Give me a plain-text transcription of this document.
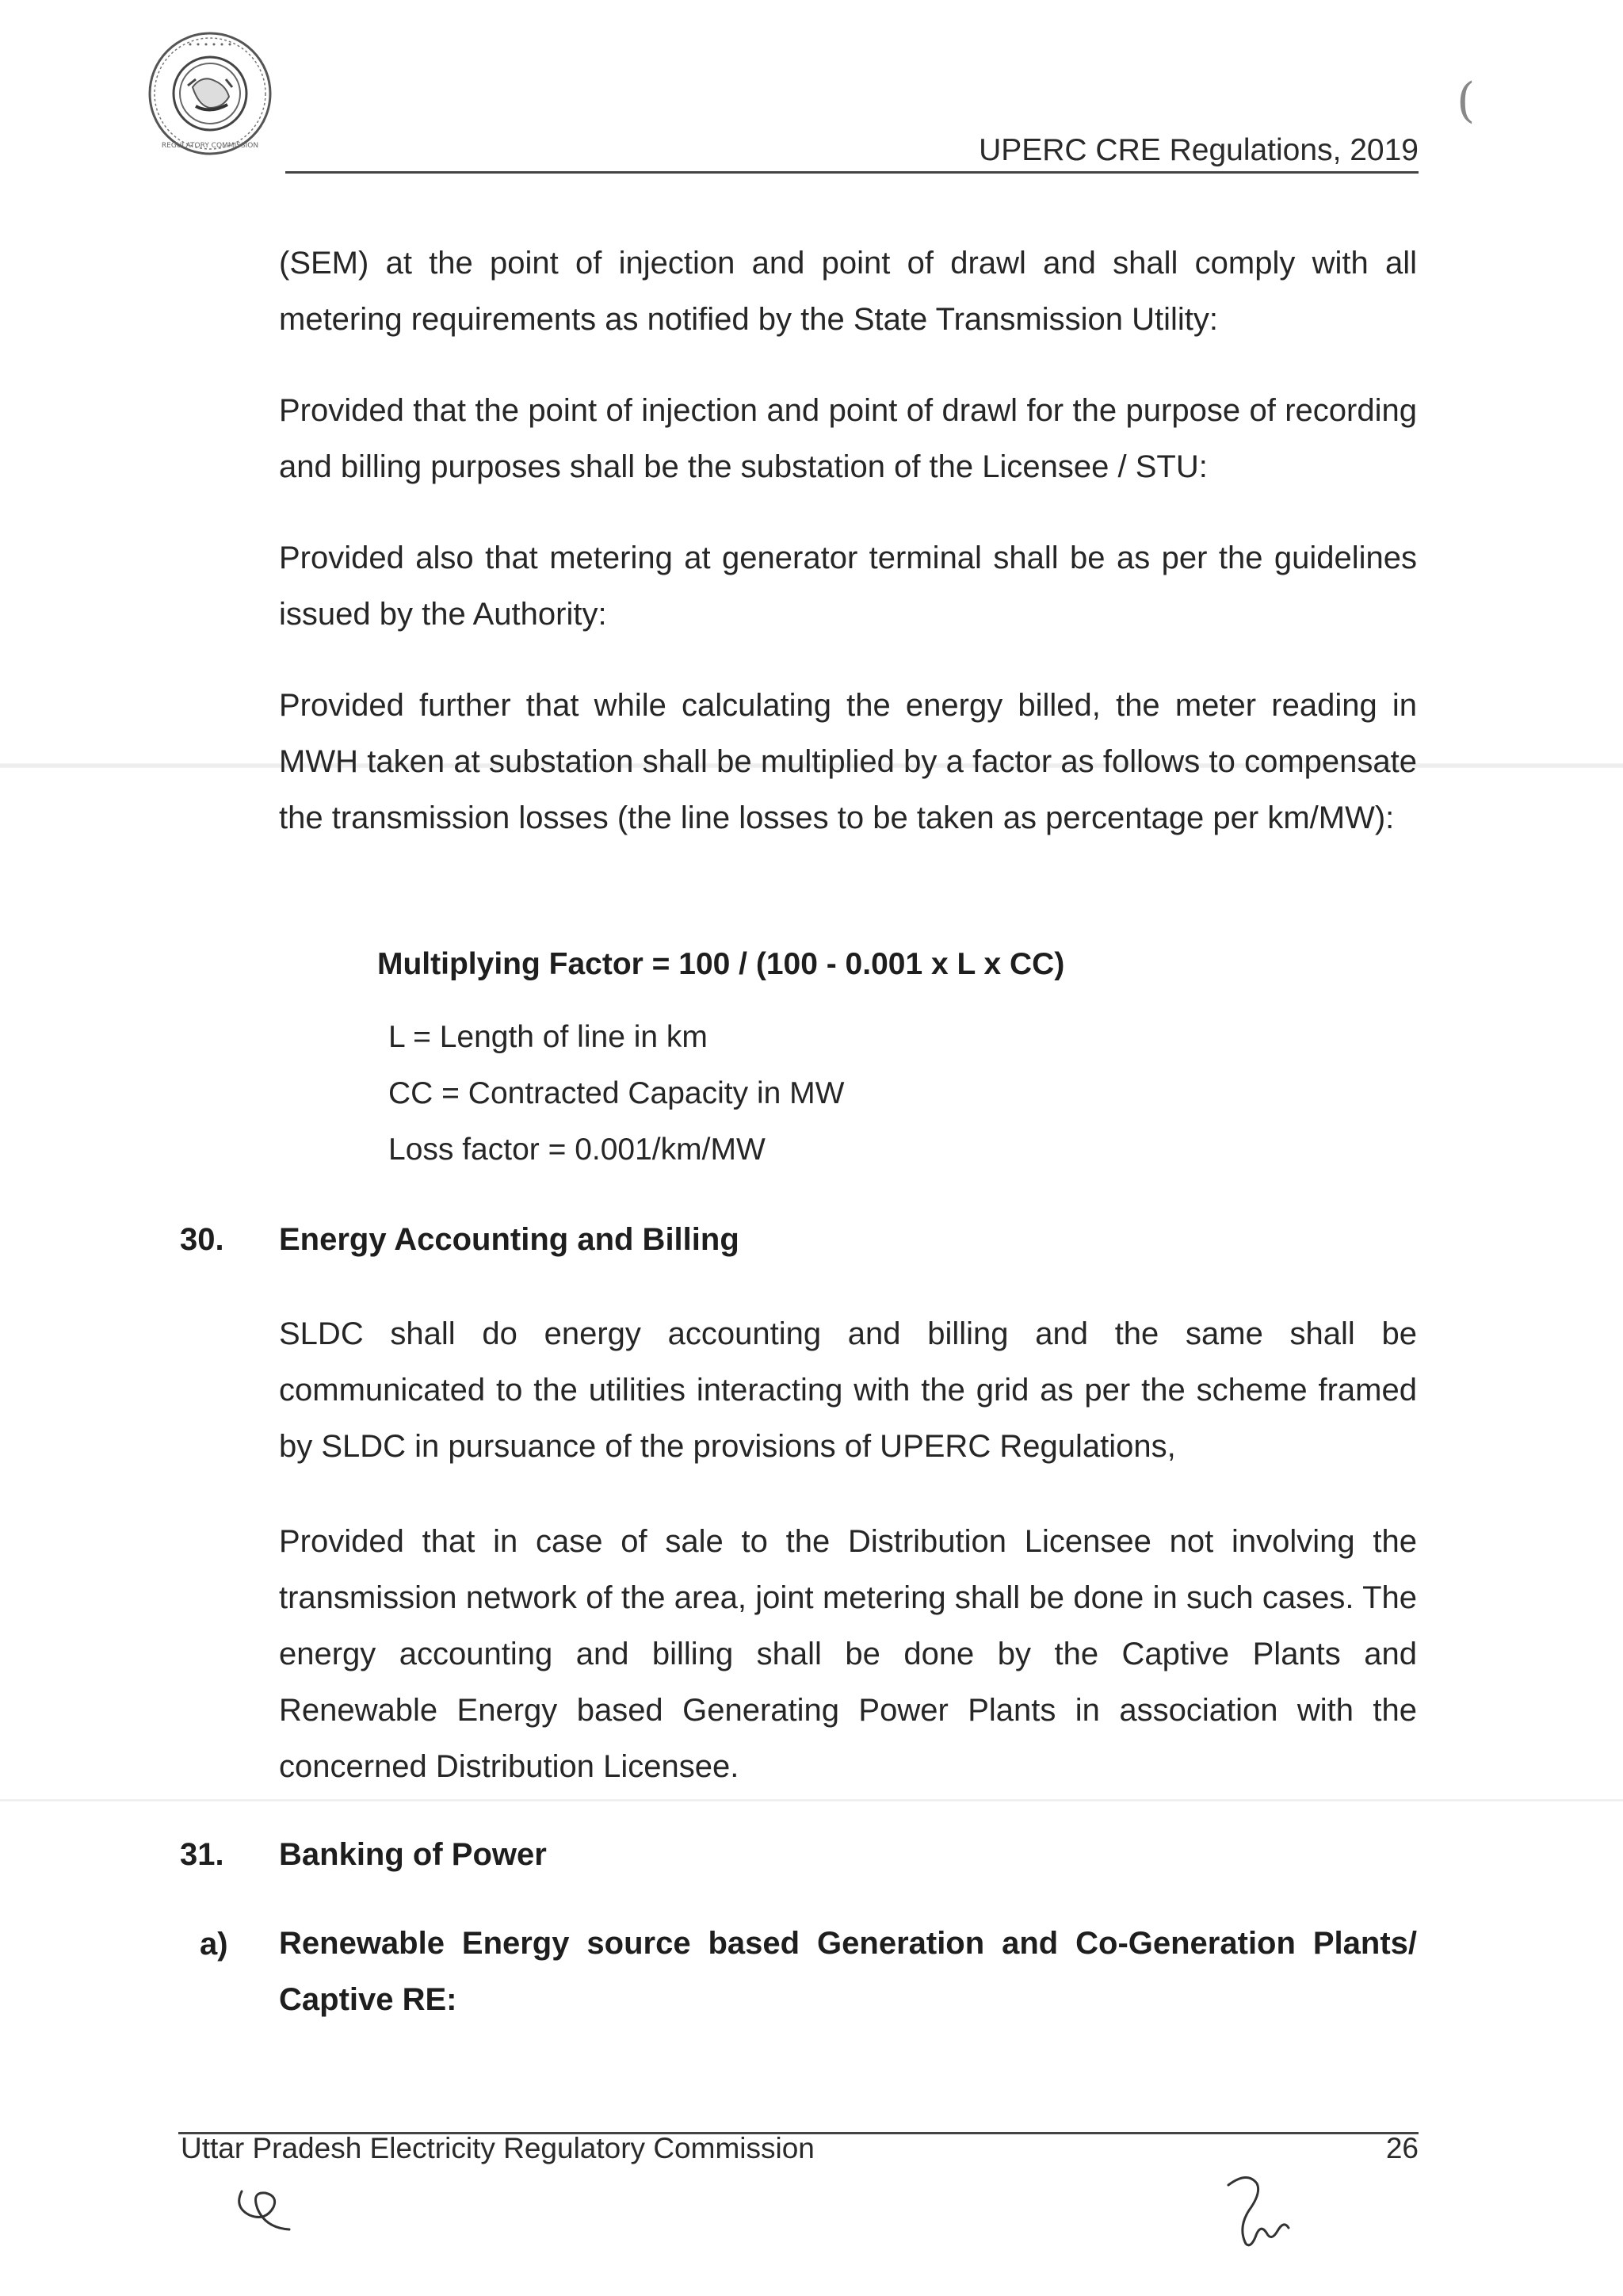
• • • • • •
REGULATORY COMMISSION
(
UPERC CRE Regulations, 2019

(SEM) at the point of injection and point of drawl and shall comply with all metering requirements as notified by the State Transmission Utility:

Provided that the point of injection and point of drawl for the purpose of recording and billing purposes shall be the substation of the Licensee / STU:

Provided also that metering at generator terminal shall be as per the guidelines issued by the Authority:

Provided further that while calculating the energy billed, the meter reading in MWH taken at substation shall be multiplied by a factor as follows to compensate the transmission losses (the line losses to be taken as percentage per km/MW):

Multiplying Factor = 100 / (100 - 0.001 x L x CC)
L = Length of line in km
CC = Contracted Capacity in MW
Loss factor = 0.001/km/MW
30. Energy Accounting and Billing

SLDC shall do energy accounting and billing and the same shall be communicated to the utilities interacting with the grid as per the scheme framed by SLDC in pursuance of the provisions of UPERC Regulations,

Provided that in case of sale to the Distribution Licensee not involving the transmission network of the area, joint metering shall be done in such cases. The energy accounting and billing shall be done by the Captive Plants and Renewable Energy based Generating Power Plants in association with the concerned Distribution Licensee.

31. Banking of Power
a) Renewable Energy source based Generation and Co-Generation Plants/ Captive RE:

Uttar Pradesh Electricity Regulatory Commission	26
